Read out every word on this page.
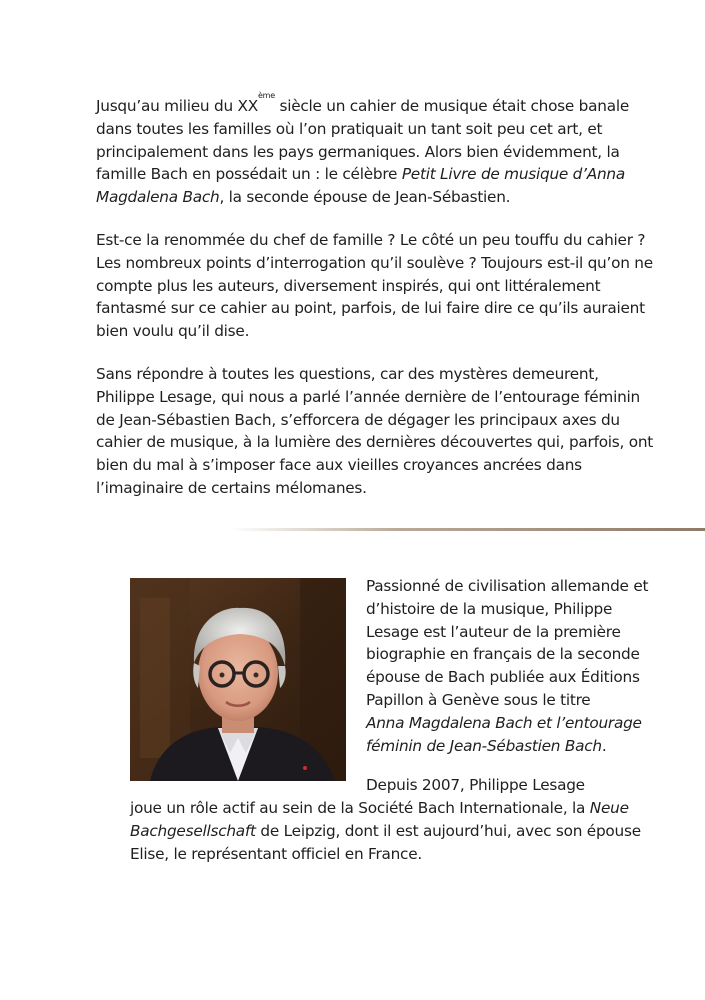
Jusqu’au milieu du XXème siècle un cahier de musique était chose banale dans toutes les familles où l’on pratiquait un tant soit peu cet art, et principalement dans les pays germaniques. Alors bien évidemment, la famille Bach en possédait un : le célèbre Petit Livre de musique d’Anna Magdalena Bach, la seconde épouse de Jean-Sébastien.

Est-ce la renommée du chef de famille ? Le côté un peu touffu du cahier ? Les nombreux points d’interrogation qu’il soulève ? Toujours est-il qu’on ne compte plus les auteurs, diversement inspirés, qui ont littéralement fantasmé sur ce cahier au point, parfois, de lui faire dire ce qu’ils auraient bien voulu qu’il dise.

Sans répondre à toutes les questions, car des mystères demeurent, Philippe Lesage, qui nous a parlé l’année dernière de l’entourage féminin de Jean-Sébastien Bach, s’efforcera de dégager les principaux axes du cahier de musique, à la lumière des dernières découvertes qui, parfois, ont bien du mal à s’imposer face aux vieilles croyances ancrées dans l’imaginaire de certains mélomanes.

Passionné de civilisation allemande et d’histoire de la musique, Philippe Lesage est l’auteur de la première biographie en français de la seconde épouse de Bach publiée aux Éditions Papillon à Genève sous le titre
Anna Magdalena Bach et l’entourage féminin de Jean-Sébastien Bach.

Depuis 2007, Philippe Lesage

joue un rôle actif au sein de la Société Bach Internationale, la Neue Bachgesellschaft de Leipzig, dont il est aujourd’hui, avec son épouse Elise, le représentant officiel en France.
